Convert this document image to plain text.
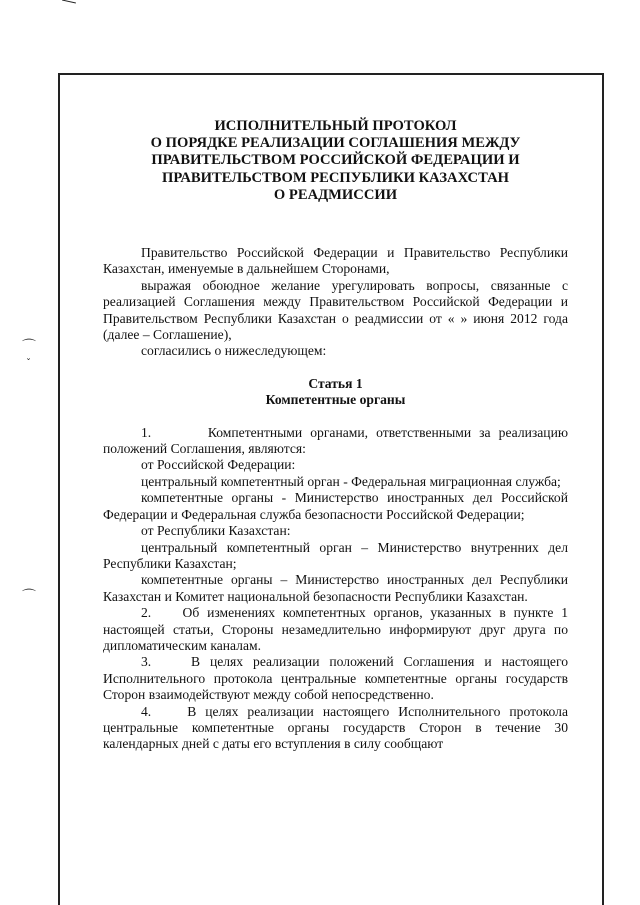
⌒
ˇ
⌒
ИСПОЛНИТЕЛЬНЫЙ ПРОТОКОЛ
О ПОРЯДКЕ РЕАЛИЗАЦИИ СОГЛАШЕНИЯ МЕЖДУ
ПРАВИТЕЛЬСТВОМ РОССИЙСКОЙ ФЕДЕРАЦИИ И
ПРАВИТЕЛЬСТВОМ РЕСПУБЛИКИ КАЗАХСТАН
О РЕАДМИССИИ

Правительство Российской Федерации и Правительство Республики Казахстан, именуемые в дальнейшем Сторонами,

выражая обоюдное желание урегулировать вопросы, связанные с реализацией Соглашения между Правительством Российской Федерации и Правительством Республики Казахстан о реадмиссии от « » июня 2012 года (далее – Соглашение),

согласились о нижеследующем:

Статья 1
Компетентные органы

1.       Компетентными органами, ответственными за реализацию положений Соглашения, являются:

от Российской Федерации:

центральный компетентный орган - Федеральная миграционная служба;

компетентные органы - Министерство иностранных дел Российской Федерации и Федеральная служба безопасности Российской Федерации;

от Республики Казахстан:

центральный компетентный орган – Министерство внутренних дел Республики Казахстан;

компетентные органы – Министерство иностранных дел Республики Казахстан и Комитет национальной безопасности Республики Казахстан.

2.    Об изменениях компетентных органов, указанных в пункте 1 настоящей статьи, Стороны незамедлительно информируют друг друга по дипломатическим каналам.

3.    В целях реализации положений Соглашения и настоящего Исполнительного протокола центральные компетентные органы государств Сторон взаимодействуют между собой непосредственно.

4.    В целях реализации настоящего Исполнительного протокола центральные компетентные органы государств Сторон в течение 30 календарных дней с даты его вступления в силу сообщают
